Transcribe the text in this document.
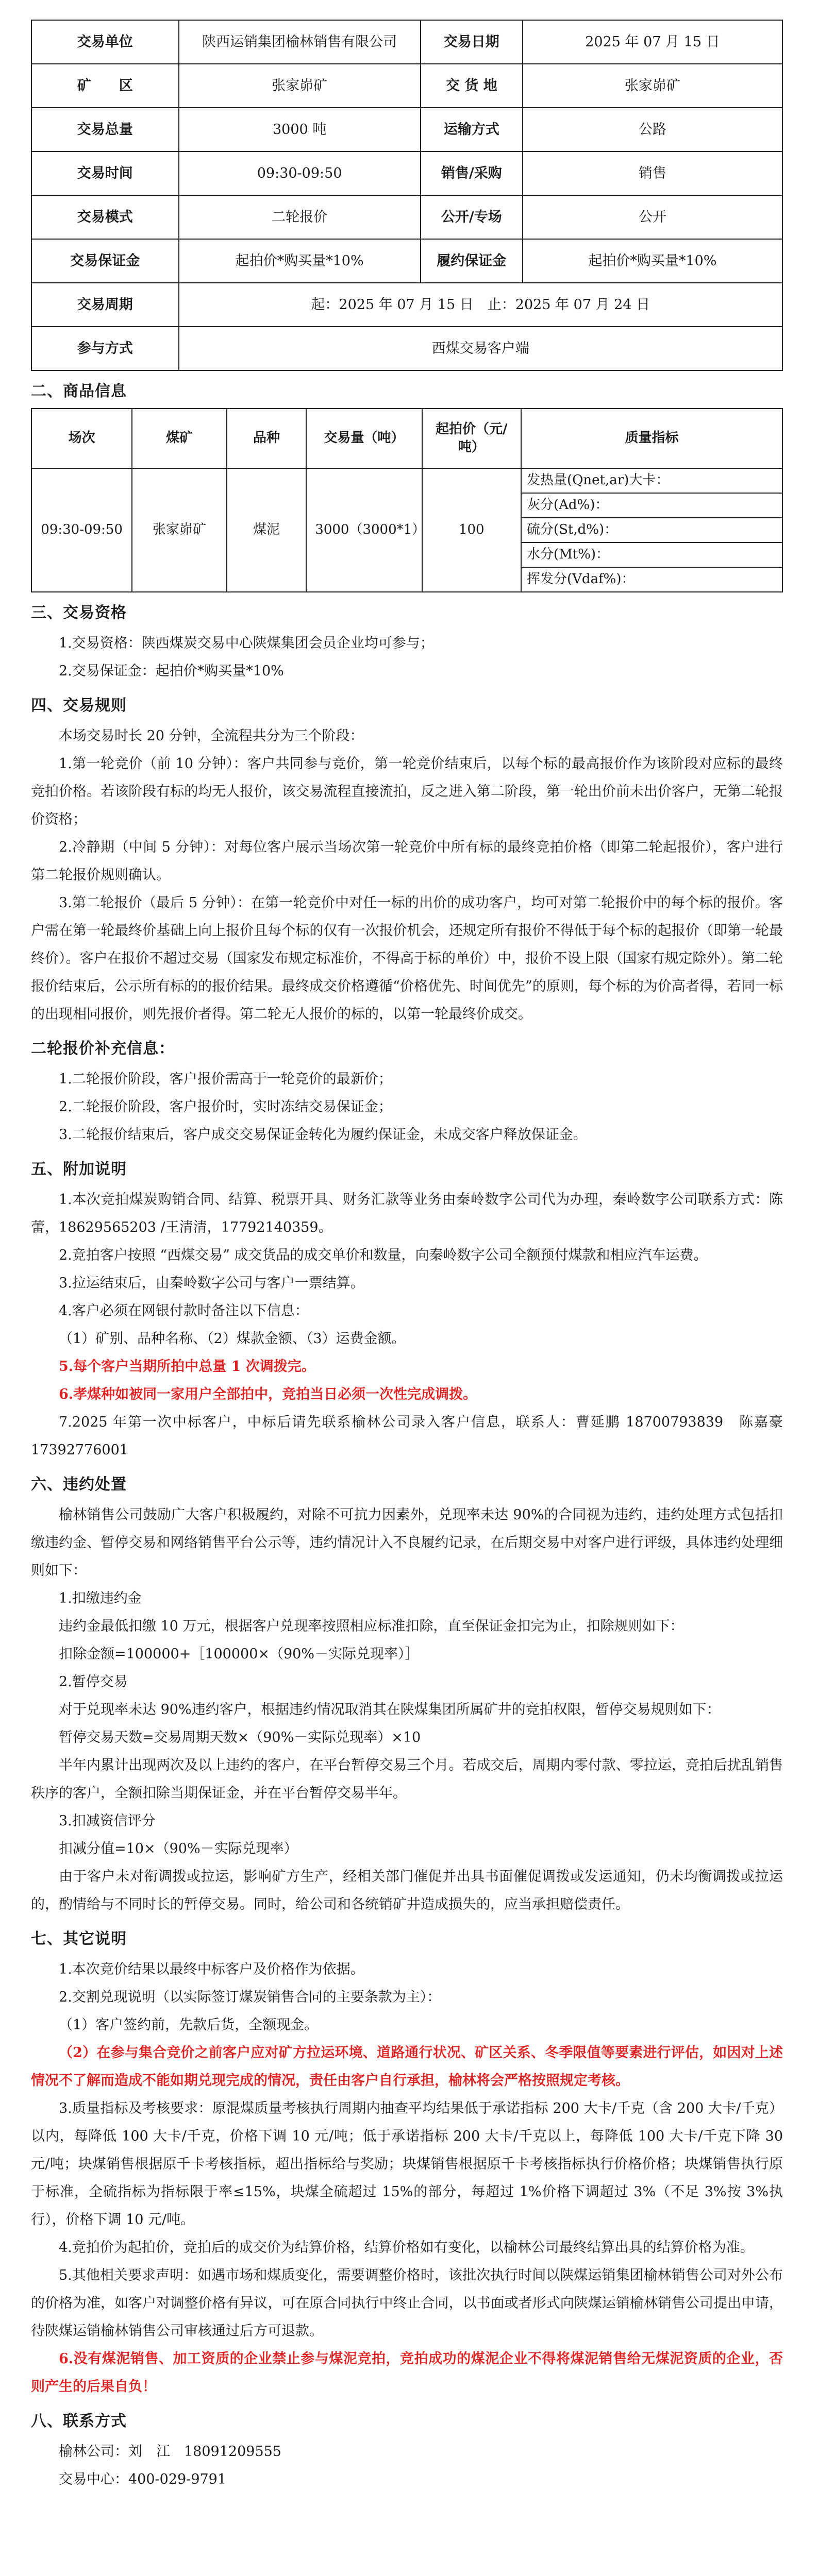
交易单位	陕西运销集团榆林销售有限公司	交易日期	2025 年 07 月 15 日
矿　　区	张家峁矿	交 货 地	张家峁矿
交易总量	3000 吨	运输方式	公路
交易时间	09:30-09:50	销售/采购	销售
交易模式	二轮报价	公开/专场	公开
交易保证金	起拍价*购买量*10%	履约保证金	起拍价*购买量*10%
交易周期	起：2025 年 07 月 15 日　止：2025 年 07 月 24 日		
参与方式	西煤交易客户端		
二、商品信息
场次	煤矿	品种	交易量（吨）	起拍价（元/吨）	质量指标
09:30-09:50	张家峁矿	煤泥	3000（3000*1）	100	发热量(Qnet,ar)大卡：
					灰分(Ad%)：
					硫分(St,d%)：
					水分(Mt%)：
					挥发分(Vdaf%)：
三、交易资格

1.交易资格：陕西煤炭交易中心陕煤集团会员企业均可参与；

2.交易保证金：起拍价*购买量*10%

四、交易规则

本场交易时长 20 分钟，全流程共分为三个阶段：

1.第一轮竞价（前 10 分钟）：客户共同参与竞价，第一轮竞价结束后，以每个标的最高报价作为该阶段对应标的最终竞拍价格。若该阶段有标的均无人报价，该交易流程直接流拍，反之进入第二阶段，第一轮出价前未出价客户，无第二轮报价资格；

2.冷静期（中间 5 分钟）：对每位客户展示当场次第一轮竞价中所有标的最终竞拍价格（即第二轮起报价），客户进行第二轮报价规则确认。

3.第二轮报价（最后 5 分钟）：在第一轮竞价中对任一标的出价的成功客户，均可对第二轮报价中的每个标的报价。客户需在第一轮最终价基础上向上报价且每个标的仅有一次报价机会，还规定所有报价不得低于每个标的起报价（即第一轮最终价）。客户在报价不超过交易（国家发布规定标准价，不得高于标的单价）中，报价不设上限（国家有规定除外）。第二轮报价结束后，公示所有标的的报价结果。最终成交价格遵循“价格优先、时间优先”的原则，每个标的为价高者得，若同一标的出现相同报价，则先报价者得。第二轮无人报价的标的，以第一轮最终价成交。

二轮报价补充信息：

1.二轮报价阶段，客户报价需高于一轮竞价的最新价；

2.二轮报价阶段，客户报价时，实时冻结交易保证金；

3.二轮报价结束后，客户成交交易保证金转化为履约保证金，未成交客户释放保证金。

五、附加说明

1.本次竞拍煤炭购销合同、结算、税票开具、财务汇款等业务由秦岭数字公司代为办理，秦岭数字公司联系方式：陈蕾，18629565203 /王清清，17792140359。

2.竞拍客户按照 “西煤交易” 成交货品的成交单价和数量，向秦岭数字公司全额预付煤款和相应汽车运费。

3.拉运结束后，由秦岭数字公司与客户一票结算。

4.客户必须在网银付款时备注以下信息：

（1）矿别、品种名称、（2）煤款金额、（3）运费金额。

5.每个客户当期所拍中总量 1 次调拨完。

6.孝煤种如被同一家用户全部拍中，竞拍当日必须一次性完成调拨。

7.2025 年第一次中标客户，中标后请先联系榆林公司录入客户信息，联系人：曹延鹏 18700793839　陈嘉豪 17392776001

六、违约处置

榆林销售公司鼓励广大客户积极履约，对除不可抗力因素外，兑现率未达 90%的合同视为违约，违约处理方式包括扣缴违约金、暂停交易和网络销售平台公示等，违约情况计入不良履约记录，在后期交易中对客户进行评级，具体违约处理细则如下：

1.扣缴违约金

违约金最低扣缴 10 万元，根据客户兑现率按照相应标准扣除，直至保证金扣完为止，扣除规则如下：

扣除金额=100000+［100000×（90%－实际兑现率）］

2.暂停交易

对于兑现率未达 90%违约客户，根据违约情况取消其在陕煤集团所属矿井的竞拍权限，暂停交易规则如下：

暂停交易天数=交易周期天数×（90%－实际兑现率）×10

半年内累计出现两次及以上违约的客户，在平台暂停交易三个月。若成交后，周期内零付款、零拉运，竞拍后扰乱销售秩序的客户，全额扣除当期保证金，并在平台暂停交易半年。

3.扣减资信评分

扣减分值=10×（90%－实际兑现率）

由于客户未对衔调拨或拉运，影响矿方生产，经相关部门催促并出具书面催促调拨或发运通知，仍未均衡调拨或拉运的，酌情给与不同时长的暂停交易。同时，给公司和各统销矿井造成损失的，应当承担赔偿责任。

七、其它说明

1.本次竞价结果以最终中标客户及价格作为依据。

2.交割兑现说明（以实际签订煤炭销售合同的主要条款为主）：

（1）客户签约前，先款后货，全额现金。

（2）在参与集合竞价之前客户应对矿方拉运环境、道路通行状况、矿区关系、冬季限值等要素进行评估，如因对上述情况不了解而造成不能如期兑现完成的情况，责任由客户自行承担，榆林将会严格按照规定考核。

3.质量指标及考核要求：原混煤质量考核执行周期内抽查平均结果低于承诺指标 200 大卡/千克（含 200 大卡/千克）以内，每降低 100 大卡/千克，价格下调 10 元/吨；低于承诺指标 200 大卡/千克以上，每降低 100 大卡/千克下降 30 元/吨；块煤销售根据原千卡考核指标，超出指标给与奖励；块煤销售根据原千卡考核指标执行价格价格；块煤销售执行原于标准，全硫指标为指标限于率≤15%，块煤全硫超过 15%的部分，每超过 1%价格下调超过 3%（不足 3%按 3%执行），价格下调 10 元/吨。

4.竞拍价为起拍价，竞拍后的成交价为结算价格，结算价格如有变化，以榆林公司最终结算出具的结算价格为准。

5.其他相关要求声明：如遇市场和煤质变化，需要调整价格时，该批次执行时间以陕煤运销集团榆林销售公司对外公布的价格为准，如客户对调整价格有异议，可在原合同执行中终止合同，以书面或者形式向陕煤运销榆林销售公司提出申请，待陕煤运销榆林销售公司审核通过后方可退款。

6.没有煤泥销售、加工资质的企业禁止参与煤泥竞拍，竞拍成功的煤泥企业不得将煤泥销售给无煤泥资质的企业，否则产生的后果自负！

八、联系方式

榆林公司：刘　江　18091209555

交易中心：400-029-9791
